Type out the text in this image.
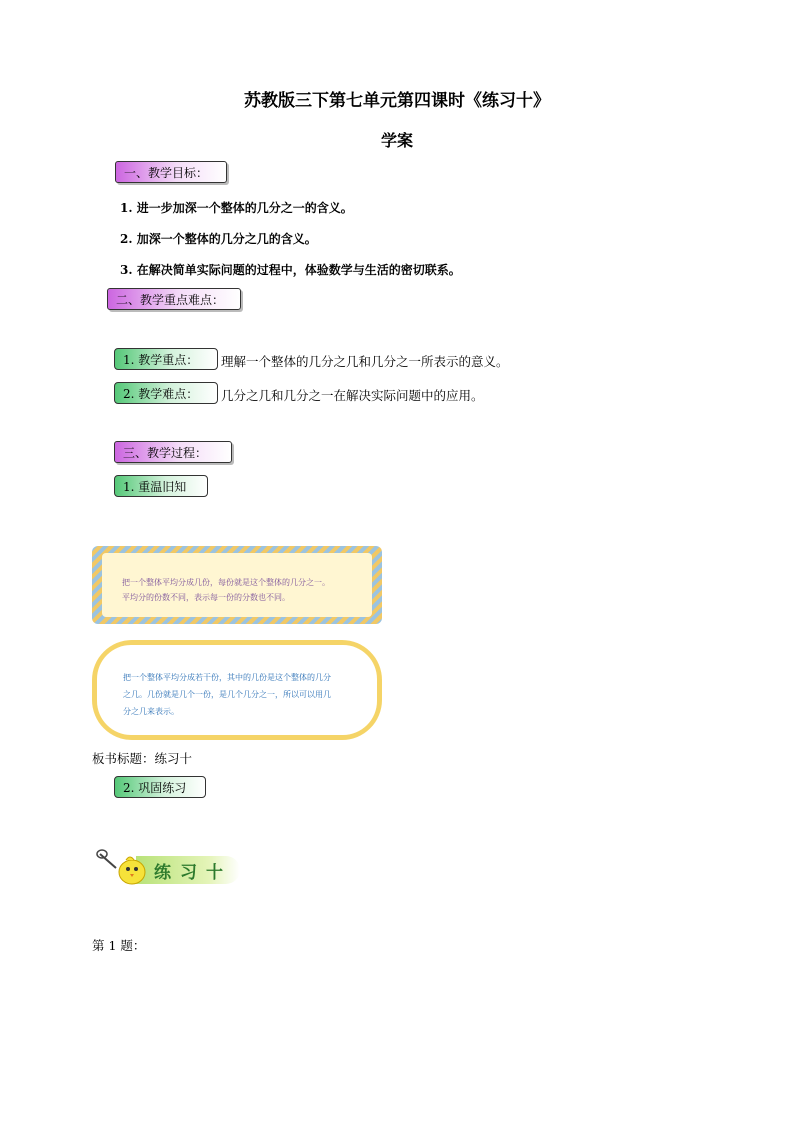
苏教版三下第七单元第四课时《练习十》
学案
一、教学目标：
1. 进一步加深一个整体的几分之一的含义。
2. 加深一个整体的几分之几的含义。
3. 在解决简单实际问题的过程中，体验数学与生活的密切联系。
二、教学重点难点：
1. 教学重点：	理解一个整体的几分之几和几分之一所表示的意义。
2. 教学难点：	几分之几和几分之一在解决实际问题中的应用。
三、教学过程：
1. 重温旧知
把一个整体平均分成几份，每份就是这个整体的几分之一。
平均分的份数不同，表示每一份的分数也不同。
把一个整体平均分成若干份，其中的几份是这个整体的几分
之几。几份就是几个一份，是几个几分之一，所以可以用几
分之几来表示。
板书标题：练习十
2. 巩固练习
练习十
第 1 题：
